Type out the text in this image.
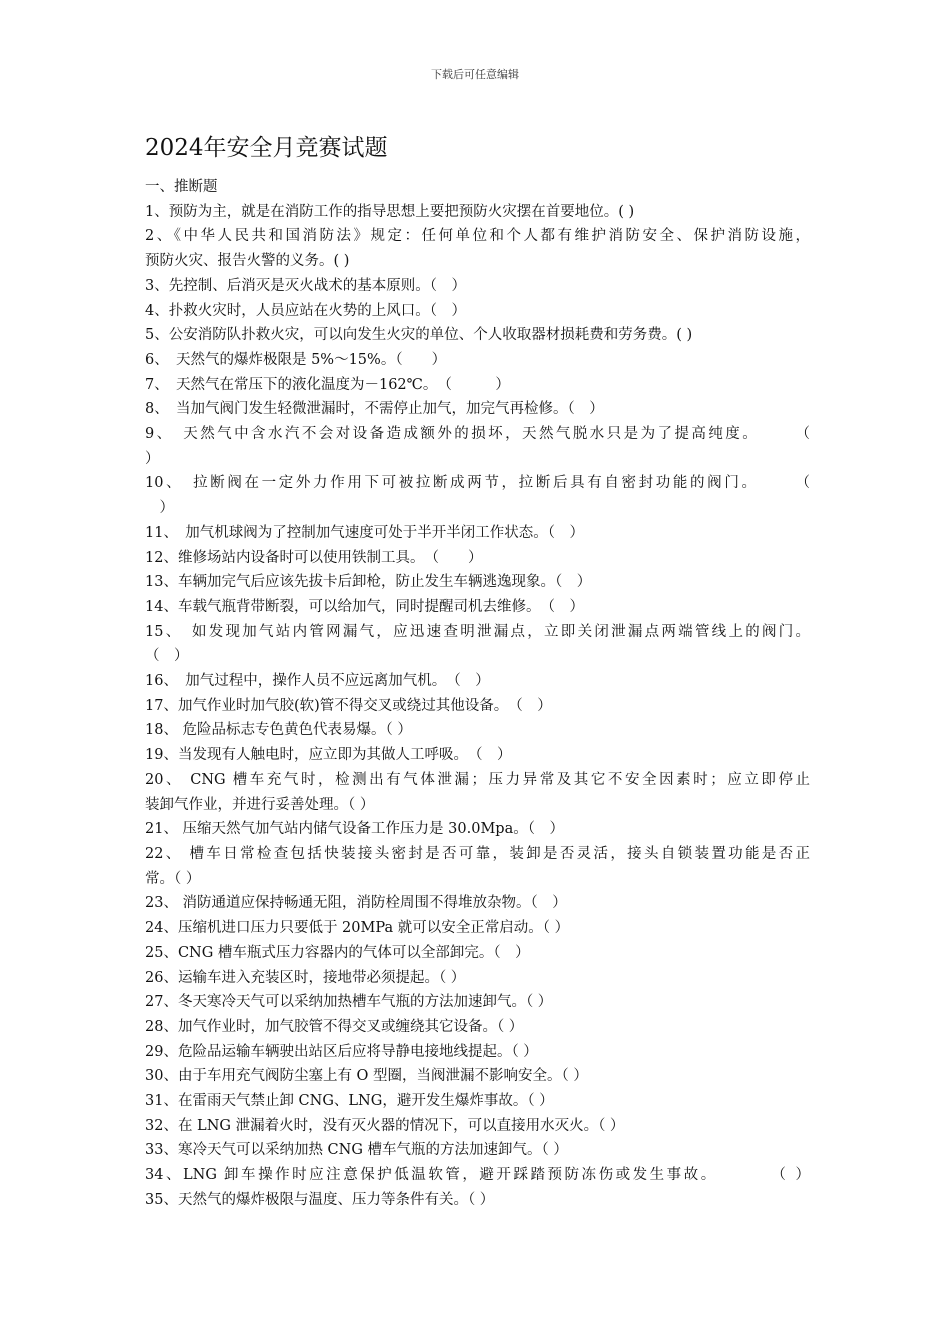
下载后可任意编辑
2024年安全月竞赛试题
一、推断题
1、预防为主，就是在消防工作的指导思想上要把预防火灾摆在首要地位。( )
2、《中华人民共和国消防法》规定：任何单位和个人都有维护消防安全、保护消防设施，
预防火灾、报告火警的义务。( )
3、先控制、后消灭是灭火战术的基本原则。（　）
4、扑救火灾时，人员应站在火势的上风口。（　）
5、公安消防队扑救火灾，可以向发生火灾的单位、个人收取器材损耗费和劳务费。( )
6、　天然气的爆炸极限是 5%～15%。（　　）
7、　天然气在常压下的液化温度为－162℃。　（　　　）
8、　当加气阀门发生轻微泄漏时，不需停止加气，加完气再检修。（　）
9、　天然气中含水汽不会对设备造成额外的损坏，天然气脱水只是为了提高纯度。　　　（
）
10、　拉断阀在一定外力作用下可被拉断成两节，拉断后具有自密封功能的阀门。　　　（
　）
11、　加气机球阀为了控制加气速度可处于半开半闭工作状态。（　）
12、维修场站内设备时可以使用铁制工具。　（　　）
13、车辆加完气后应该先拔卡后卸枪，防止发生车辆逃逸现象。（　）
14、车载气瓶背带断裂，可以给加气，同时提醒司机去维修。　（　）
15、　如发现加气站内管网漏气，应迅速查明泄漏点，立即关闭泄漏点两端管线上的阀门。
（　）
16、　加气过程中，操作人员不应远离加气机。　（　）
17、加气作业时加气胶(软)管不得交叉或绕过其他设备。　（　）
18、 危险品标志专色黄色代表易爆。（ ）
19、当发现有人触电时，应立即为其做人工呼吸。　（　）
20、 CNG 槽车充气时，检测出有气体泄漏；压力异常及其它不安全因素时；应立即停止
装卸气作业，并进行妥善处理。（ ）
21、 压缩天然气加气站内储气设备工作压力是 30.0Mpa。（　）
22、 槽车日常检查包括快装接头密封是否可靠，装卸是否灵活，接头自锁装置功能是否正
常。（ ）
23、 消防通道应保持畅通无阻，消防栓周围不得堆放杂物。（　）
24、压缩机进口压力只要低于 20MPa 就可以安全正常启动。（ ）
25、CNG 槽车瓶式压力容器内的气体可以全部卸完。（　）
26、运输车进入充装区时，接地带必须提起。（ ）
27、冬天寒冷天气可以采纳加热槽车气瓶的方法加速卸气。（ ）
28、加气作业时，加气胶管不得交叉或缠绕其它设备。（ ）
29、危险品运输车辆驶出站区后应将导静电接地线提起。（ ）
30、由于车用充气阀防尘塞上有 O 型圈，当阀泄漏不影响安全。（ ）
31、在雷雨天气禁止卸 CNG、LNG，避开发生爆炸事故。（ ）
32、在 LNG 泄漏着火时，没有灭火器的情况下，可以直接用水灭火。（ ）
33、寒冷天气可以采纳加热 CNG 槽车气瓶的方法加速卸气。（ ）
34、LNG 卸车操作时应注意保护低温软管，避开踩踏预防冻伤或发生事故。　　　　（ ）
35、天然气的爆炸极限与温度、压力等条件有关。（ ）
